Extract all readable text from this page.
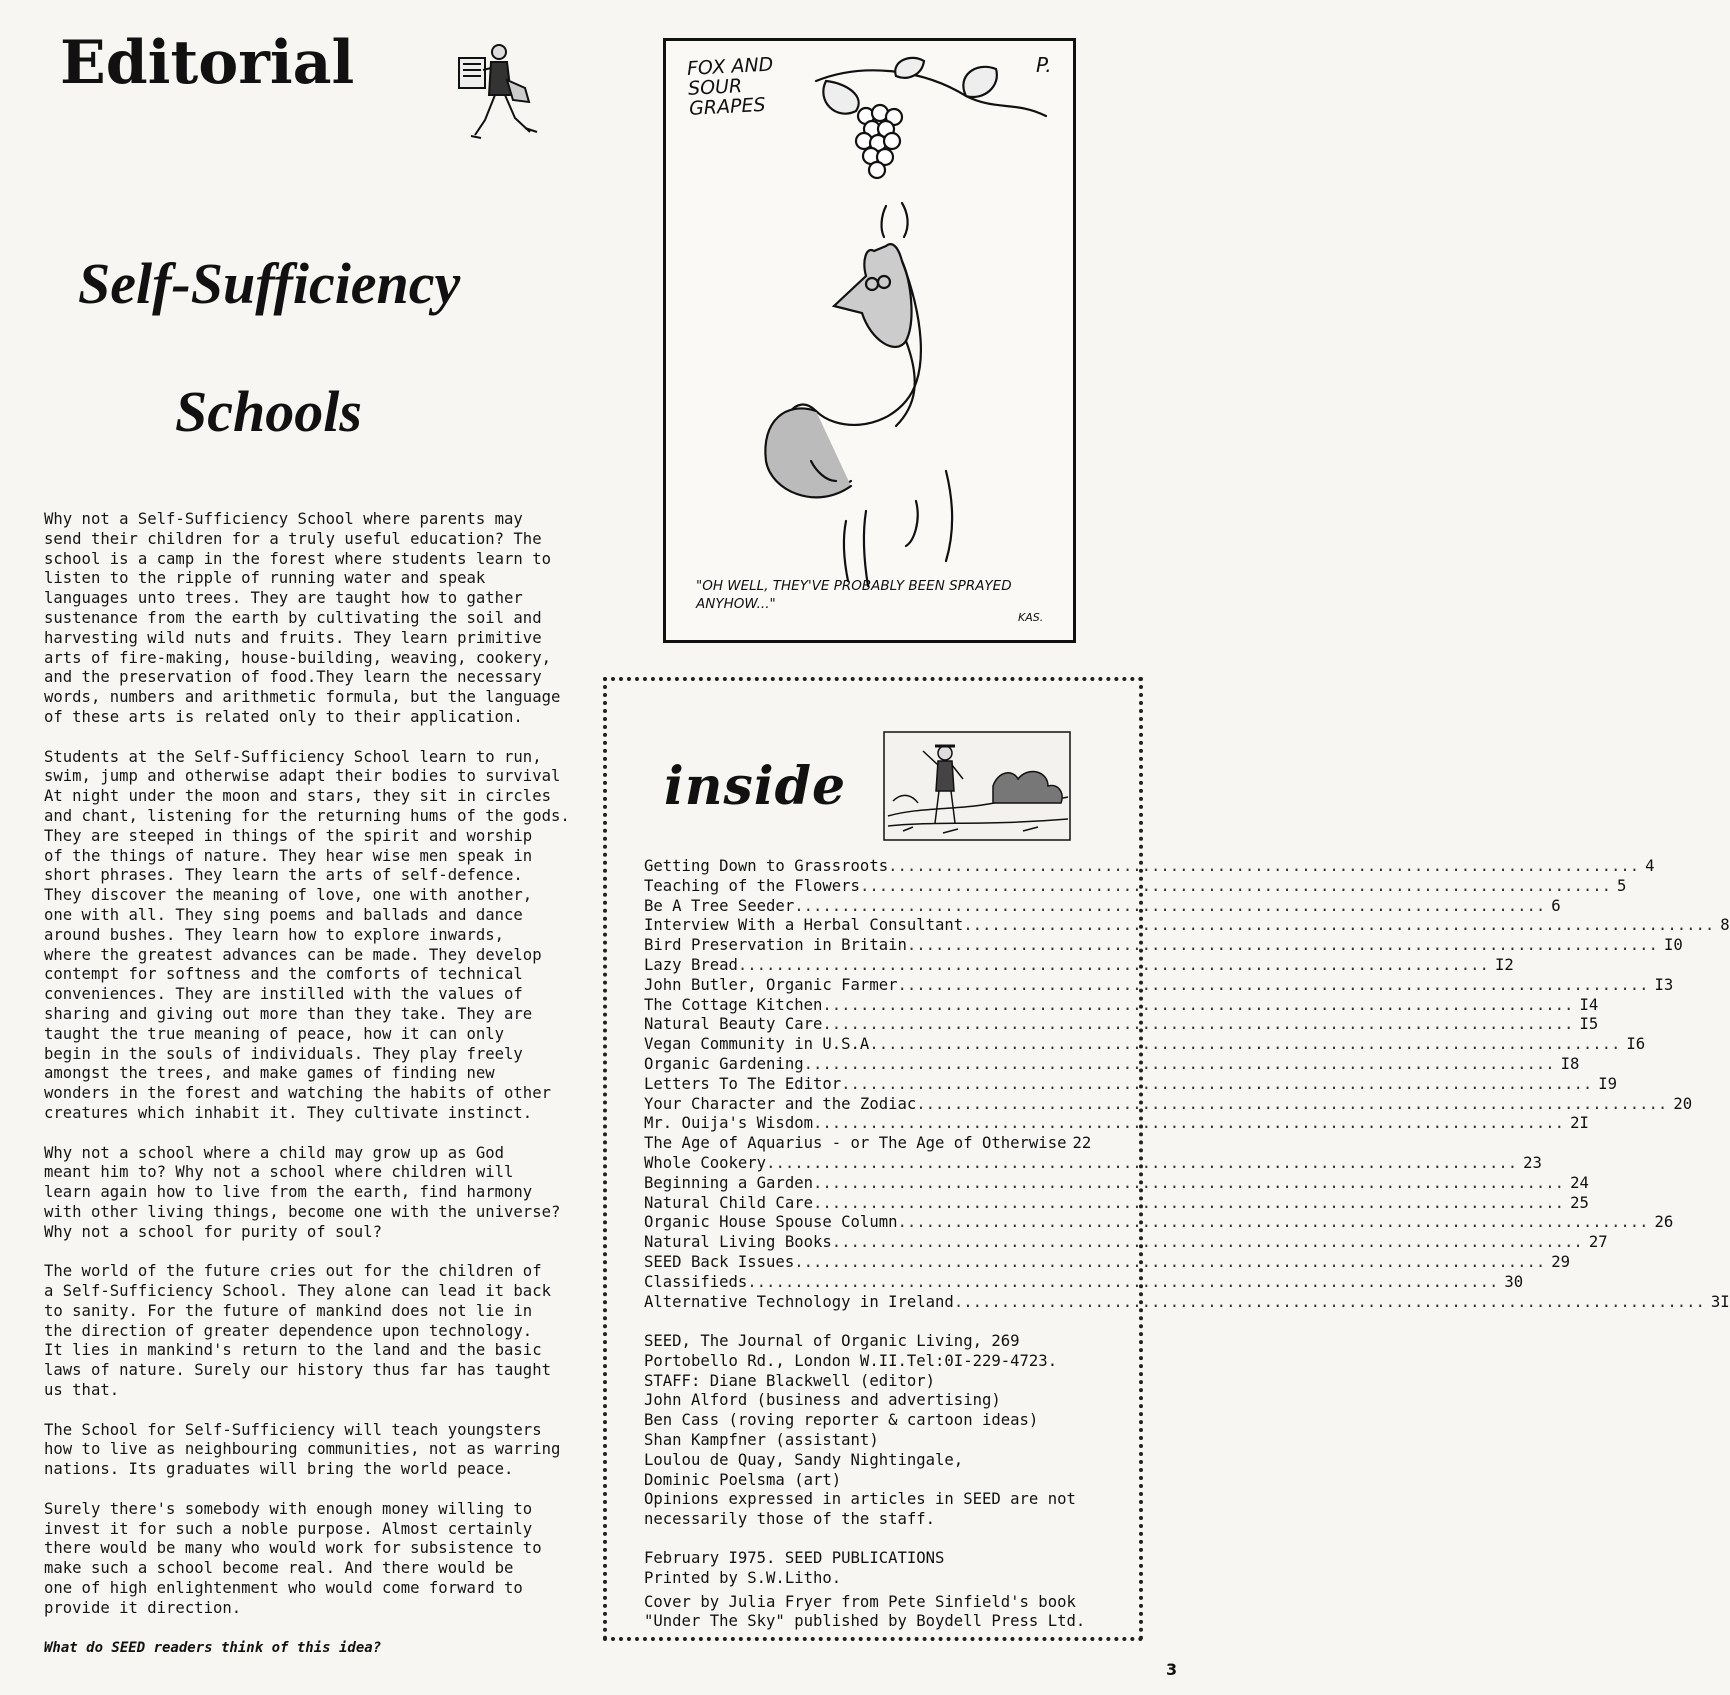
Editorial
Self-Sufficiency
Schools

Why not a Self-Sufficiency School where parents may
send their children for a truly useful education? The
school is a camp in the forest where students learn to
listen to the ripple of running water and speak
languages unto trees. They are taught how to gather
sustenance from the earth by cultivating the soil and
harvesting wild nuts and fruits. They learn primitive
arts of fire-making, house-building, weaving, cookery,
and the preservation of food.They learn the necessary
words, numbers and arithmetic formula, but the language
of these arts is related only to their application.

Students at the Self-Sufficiency School learn to run,
swim, jump and otherwise adapt their bodies to survival
At night under the moon and stars, they sit in circles
and chant, listening for the returning hums of the gods.
They are steeped in things of the spirit and worship
of the things of nature. They hear wise men speak in
short phrases. They learn the arts of self-defence.
They discover the meaning of love, one with another,
one with all. They sing poems and ballads and dance
around bushes. They learn how to explore inwards,
where the greatest advances can be made. They develop
contempt for softness and the comforts of technical
conveniences. They are instilled with the values of
sharing and giving out more than they take. They are
taught the true meaning of peace, how it can only
begin in the souls of individuals. They play freely
amongst the trees, and make games of finding new
wonders in the forest and watching the habits of other
creatures which inhabit it. They cultivate instinct.

Why not a school where a child may grow up as God
meant him to? Why not a school where children will
learn again how to live from the earth, find harmony
with other living things, become one with the universe?
Why not a school for purity of soul?

The world of the future cries out for the children of
a Self-Sufficiency School. They alone can lead it back
to sanity. For the future of mankind does not lie in
the direction of greater dependence upon technology.
It lies in mankind's return to the land and the basic
laws of nature. Surely our history thus far has taught
us that.

The School for Self-Sufficiency will teach youngsters
how to live as neighbouring communities, not as warring
nations. Its graduates will bring the world peace.

Surely there's somebody with enough money willing to
invest it for such a noble purpose. Almost certainly
there would be many who would work for subsistence to
make such a school become real. And there would be
one of high enlightenment who would come forward to
provide it direction.

What do SEED readers think of this idea?
FOX AND
SOUR
GRAPES
P.
"OH WELL, THEY'VE PROBABLY BEEN SPRAYED ANYHOW..."
KAS.
inside
Getting Down to Grassroots .....	4
Teaching of the Flowers .....	5
Be A Tree Seeder .....	6
Interview With a Herbal Consultant .....	8
Bird Preservation in Britain .....	I0
Lazy Bread .....	I2
John Butler, Organic Farmer .....	I3
The Cottage Kitchen .....	I4
Natural Beauty Care .....	I5
Vegan Community in U.S.A .....	I6
Organic Gardening .....	I8
Letters To The Editor .....	I9
Your Character and the Zodiac .....	20
Mr. Ouija's Wisdom .....	2I
The Age of Aquarius - or The Age of Otherwise 22
Whole Cookery .....	23
Beginning a Garden .....	24
Natural Child Care .....	25
Organic House Spouse Column .....	26
Natural Living Books .....	27
SEED Back Issues .....	29
Classifieds .....	30
Alternative Technology in Ireland .....	3I
SEED, The Journal of Organic Living, 269
Portobello Rd., London W.II.Tel:0I-229-4723.
STAFF: Diane Blackwell (editor)
John Alford (business and advertising)
Ben Cass (roving reporter & cartoon ideas)
Shan Kampfner (assistant)
Loulou de Quay, Sandy Nightingale,
Dominic Poelsma (art)
Opinions expressed in articles in SEED are not
necessarily those of the staff.
February I975. SEED PUBLICATIONS
Printed by S.W.Litho.
Cover by Julia Fryer from Pete Sinfield's book
"Under The Sky" published by Boydell Press Ltd.
3
